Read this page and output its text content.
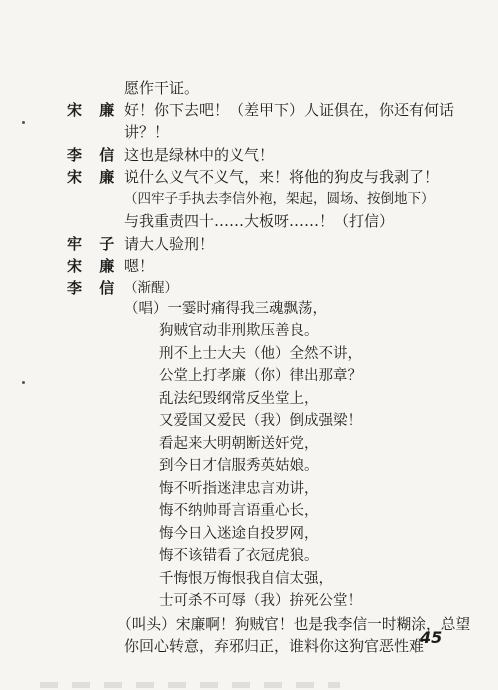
愿作干证。
宋 廉 好！你下去吧！（差甲下）人证俱在，你还有何话
讲？！
李 信 这也是绿林中的义气！
宋 廉 说什么义气不义气，来！将他的狗皮与我剥了！
（四牢子手执去李信外袍，架起，圆场、按倒地下）
与我重责四十……大板呀……！（打信）
牢 子 请大人验刑！
宋 廉 嗯！
李 信 （渐醒）
（唱）一霎时痛得我三魂飘荡，
狗贼官动非刑欺压善良。
刑不上士大夫（他）全然不讲，
公堂上打孝廉（你）律出那章？
乱法纪毁纲常反坐堂上，
又爱国又爱民（我）倒成强梁！
看起来大明朝断送奸党，
到今日才信服秀英姑娘。
悔不听指迷津忠言劝讲，
悔不纳帅哥言语重心长，
悔今日入迷途自投罗网，
悔不该错看了衣冠虎狼。
千悔恨万悔恨我自信太强，
士可杀不可辱（我）拚死公堂！
（叫头）宋廉啊！狗贼官！也是我李信一时糊涂，总望
你回心转意，弃邪归正，谁料你这狗官恶性难
45
